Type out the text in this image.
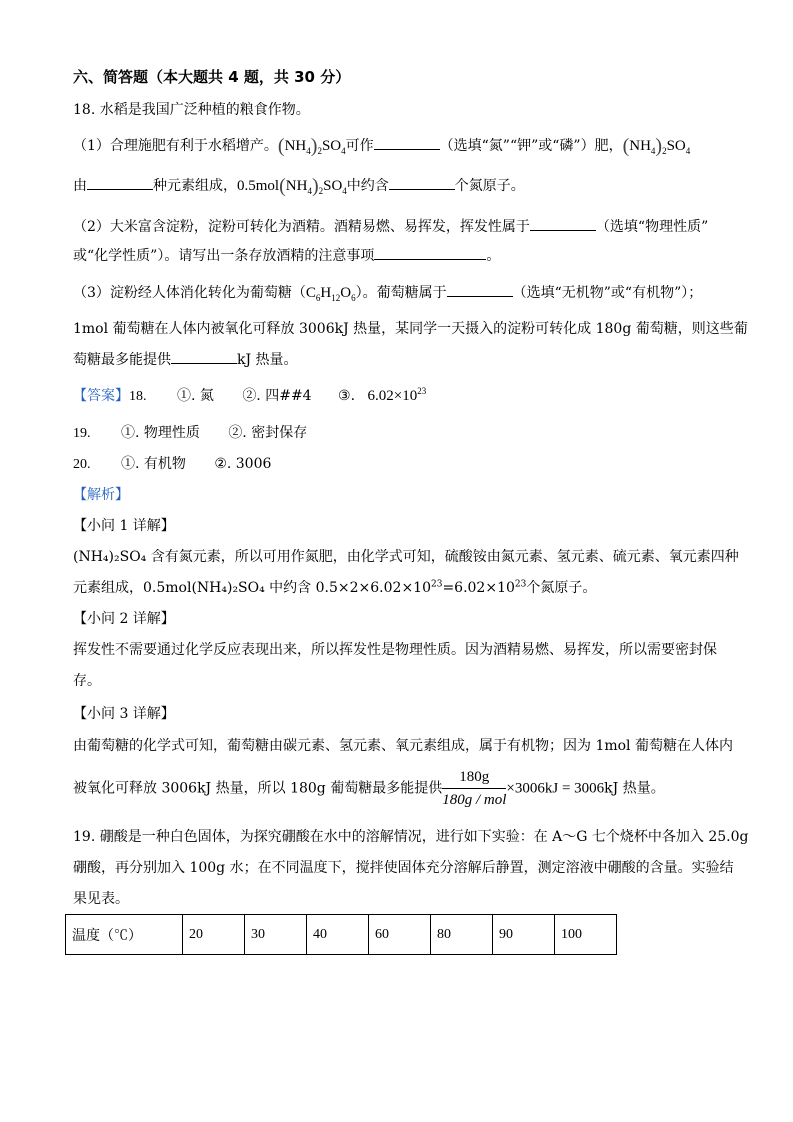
六、简答题（本大题共 4 题，共 30 分）
18. 水稻是我国广泛种植的粮食作物。
（1）合理施肥有利于水稻增产。$(NH_4)_2SO_4$可作	（选填“氮”“钾”或“磷”）肥，$(NH_4)_2SO_4$
由	种元素组成，$0.5mol(NH_4)_2SO_4$中约含	个氮原子。
（2）大米富含淀粉，淀粉可转化为酒精。酒精易燃、易挥发，挥发性属于	（选填“物理性质”
或“化学性质”）。请写出一条存放酒精的注意事项	。
（3）淀粉经人体消化转化为葡萄糖$(C_6H_{12}O_6)$。葡萄糖属于	（选填“无机物”或“有机物”）；
1mol 葡萄糖在人体内被氧化可释放 3006kJ 热量，某同学一天摄入的淀粉可转化成 180g 葡萄糖，则这些葡
萄糖最多能提供	kJ 热量。
【答案】18. ①. 氮 ②. 四##4 ③. $6.02\times 10^{23}$
19. ①. 物理性质 ②. 密封保存
20. ①. 有机物 ②. 3006
【解析】
【小问 1 详解】
(NH₄)₂SO₄ 含有氮元素，所以可用作氮肥，由化学式可知，硫酸铵由氮元素、氢元素、硫元素、氧元素四种
元素组成，0.5mol(NH₄)₂SO₄ 中约含 $0.5\times 2\times 6.02\times 10^{23}=6.02\times 10^{23}$个氮原子。
【小问 2 详解】
挥发性不需要通过化学反应表现出来，所以挥发性是物理性质。因为酒精易燃、易挥发，所以需要密封保
存。
【小问 3 详解】
由葡萄糖的化学式可知，葡萄糖由碳元素、氢元素、氧元素组成，属于有机物；因为 1mol 葡萄糖在人体内
被氧化可释放 3006kJ 热量，所以 180g 葡萄糖最多能提供 $\frac{180g}{\text{180g / mol}} \times 3006kJ = 3006kJ$ 热量。
19. 硼酸是一种白色固体，为探究硼酸在水中的溶解情况，进行如下实验：在 A～G 七个烧杯中各加入 25.0g
硼酸，再分别加入 100g 水；在不同温度下，搅拌使固体充分溶解后静置，测定溶液中硼酸的含量。实验结
果见表。
温度（℃）	20	30	40	60	80	90	100
